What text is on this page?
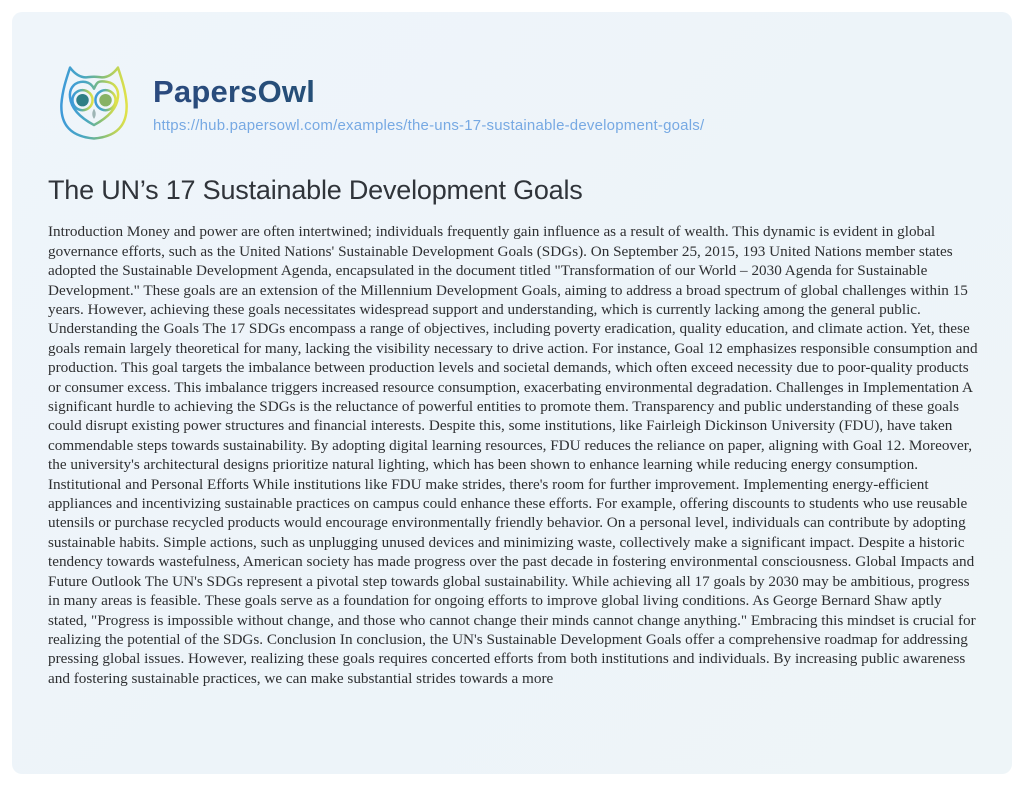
PapersOwl
https://hub.papersowl.com/examples/the-uns-17-sustainable-development-goals/
The UN’s 17 Sustainable Development Goals

Introduction Money and power are often intertwined; individuals frequently gain influence as a result of wealth. This dynamic is evident in global governance efforts, such as the United Nations' Sustainable Development Goals (SDGs). On September 25, 2015, 193 United Nations member states adopted the Sustainable Development Agenda, encapsulated in the document titled "Transformation of our World – 2030 Agenda for Sustainable Development." These goals are an extension of the Millennium Development Goals, aiming to address a broad spectrum of global challenges within 15 years. However, achieving these goals necessitates widespread support and understanding, which is currently lacking among the general public. Understanding the Goals The 17 SDGs encompass a range of objectives, including poverty eradication, quality education, and climate action. Yet, these goals remain largely theoretical for many, lacking the visibility necessary to drive action. For instance, Goal 12 emphasizes responsible consumption and production. This goal targets the imbalance between production levels and societal demands, which often exceed necessity due to poor-quality products or consumer excess. This imbalance triggers increased resource consumption, exacerbating environmental degradation. Challenges in Implementation A significant hurdle to achieving the SDGs is the reluctance of powerful entities to promote them. Transparency and public understanding of these goals could disrupt existing power structures and financial interests. Despite this, some institutions, like Fairleigh Dickinson University (FDU), have taken commendable steps towards sustainability. By adopting digital learning resources, FDU reduces the reliance on paper, aligning with Goal 12. Moreover, the university's architectural designs prioritize natural lighting, which has been shown to enhance learning while reducing energy consumption. Institutional and Personal Efforts While institutions like FDU make strides, there's room for further improvement. Implementing energy-efficient appliances and incentivizing sustainable practices on campus could enhance these efforts. For example, offering discounts to students who use reusable utensils or purchase recycled products would encourage environmentally friendly behavior. On a personal level, individuals can contribute by adopting sustainable habits. Simple actions, such as unplugging unused devices and minimizing waste, collectively make a significant impact. Despite a historic tendency towards wastefulness, American society has made progress over the past decade in fostering environmental consciousness. Global Impacts and Future Outlook The UN's SDGs represent a pivotal step towards global sustainability. While achieving all 17 goals by 2030 may be ambitious, progress in many areas is feasible. These goals serve as a foundation for ongoing efforts to improve global living conditions. As George Bernard Shaw aptly stated, "Progress is impossible without change, and those who cannot change their minds cannot change anything." Embracing this mindset is crucial for realizing the potential of the SDGs. Conclusion In conclusion, the UN's Sustainable Development Goals offer a comprehensive roadmap for addressing pressing global issues. However, realizing these goals requires concerted efforts from both institutions and individuals. By increasing public awareness and fostering sustainable practices, we can make substantial strides towards a more
